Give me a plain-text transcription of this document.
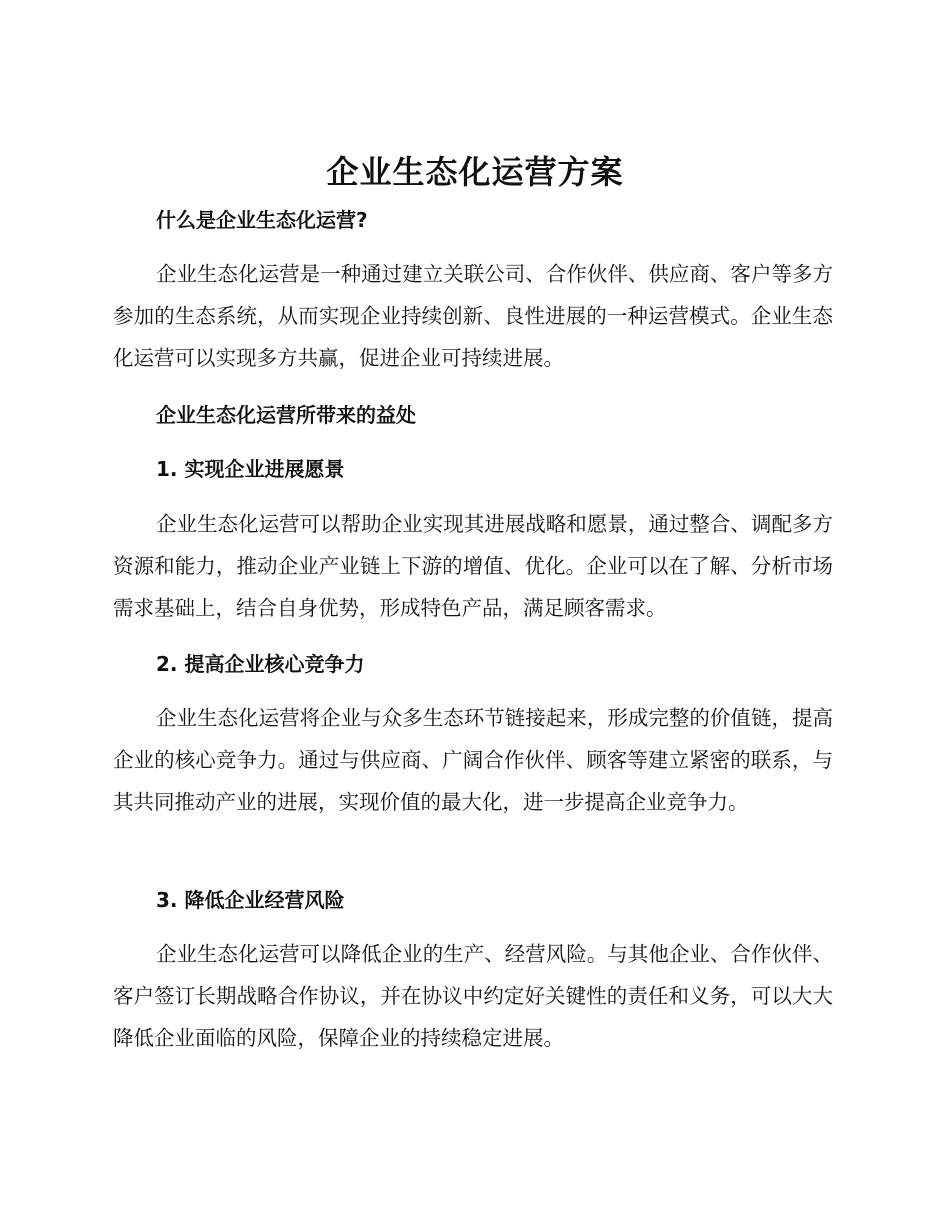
企业生态化运营方案
什么是企业生态化运营?

企业生态化运营是一种通过建立关联公司、合作伙伴、供应商、客户等多方参加的生态系统，从而实现企业持续创新、良性进展的一种运营模式。企业生态化运营可以实现多方共赢，促进企业可持续进展。

企业生态化运营所带来的益处
1. 实现企业进展愿景

企业生态化运营可以帮助企业实现其进展战略和愿景，通过整合、调配多方资源和能力，推动企业产业链上下游的增值、优化。企业可以在了解、分析市场需求基础上，结合自身优势，形成特色产品，满足顾客需求。

2. 提高企业核心竞争力

企业生态化运营将企业与众多生态环节链接起来，形成完整的价值链，提高企业的核心竞争力。通过与供应商、广阔合作伙伴、顾客等建立紧密的联系，与其共同推动产业的进展，实现价值的最大化，进一步提高企业竞争力。

3. 降低企业经营风险

企业生态化运营可以降低企业的生产、经营风险。与其他企业、合作伙伴、客户签订长期战略合作协议，并在协议中约定好关键性的责任和义务，可以大大降低企业面临的风险，保障企业的持续稳定进展。
